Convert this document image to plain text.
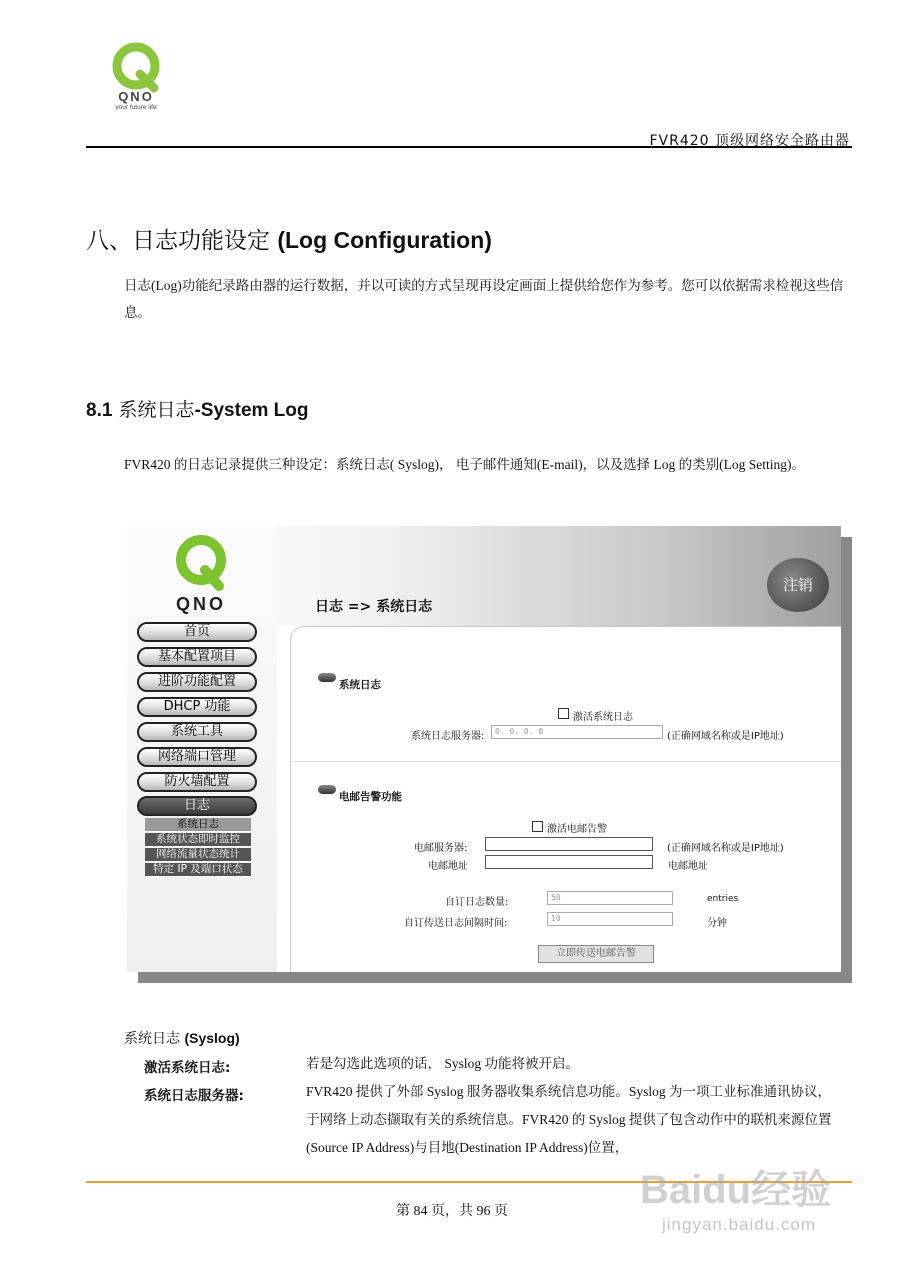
QNO
your future life
FVR420 顶级网络安全路由器
八、日志功能设定 (Log Configuration)
日志(Log)功能纪录路由器的运行数据，并以可读的方式呈现再设定画面上提供给您作为参考。您可以依据需求检视这些信息。
8.1 系统日志-System Log
FVR420 的日志记录提供三种设定：系统日志( Syslog)， 电子邮件通知(E-mail)，以及选择 Log 的类别(Log Setting)。
QNO	日志 => 系统日志
注销
首页
基本配置项目
进阶功能配置
DHCP 功能
系统工具
网络端口管理
防火墙配置
日志
系统日志
系统状态即时监控
网络流量状态统计
特定 IP 及端口状态
系统日志
激活系统日志
系统日志服务器:	0. 0. 0. 0	(正确网域名称或是IP地址)
电邮告警功能
激活电邮告警
电邮服务器:	(正确网域名称或是IP地址)
电邮地址	电邮地址
自订日志数量:	50	entries
自订传送日志间隔时间:	10	分钟
立即传送电邮告警
系统日志 (Syslog)
激活系统日志:	若是勾选此选项的话， Syslog 功能将被开启。
系统日志服务器:	FVR420 提供了外部 Syslog 服务器收集系统信息功能。Syslog 为一项工业标准通讯协议，于网络上动态撷取有关的系统信息。FVR420 的 Syslog 提供了包含动作中的联机来源位置(Source IP Address)与目地(Destination IP Address)位置，
第 84 页，共 96 页	Baidu经验
jingyan.baidu.com
